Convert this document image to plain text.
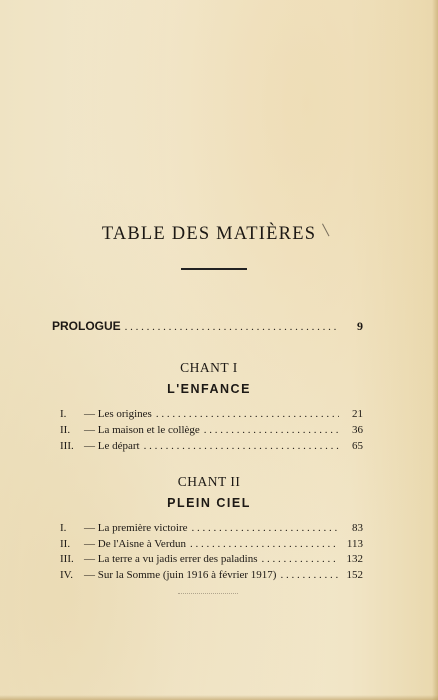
TABLE DES MATIÈRES
PROLOGUE . . .	9
CHANT I
L'ENFANCE
I.	— Les origines . . .	21
II.	— La maison et le collège . . .	36
III. — Le départ . . .	65
CHANT II
PLEIN CIEL
I.	— La première victoire . . .	83
II.	— De l'Aisne à Verdun . . .	113
III. — La terre a vu jadis errer des paladins . . .	132
IV.	— Sur la Somme (juin 1916 à février 1917) . . .	152
